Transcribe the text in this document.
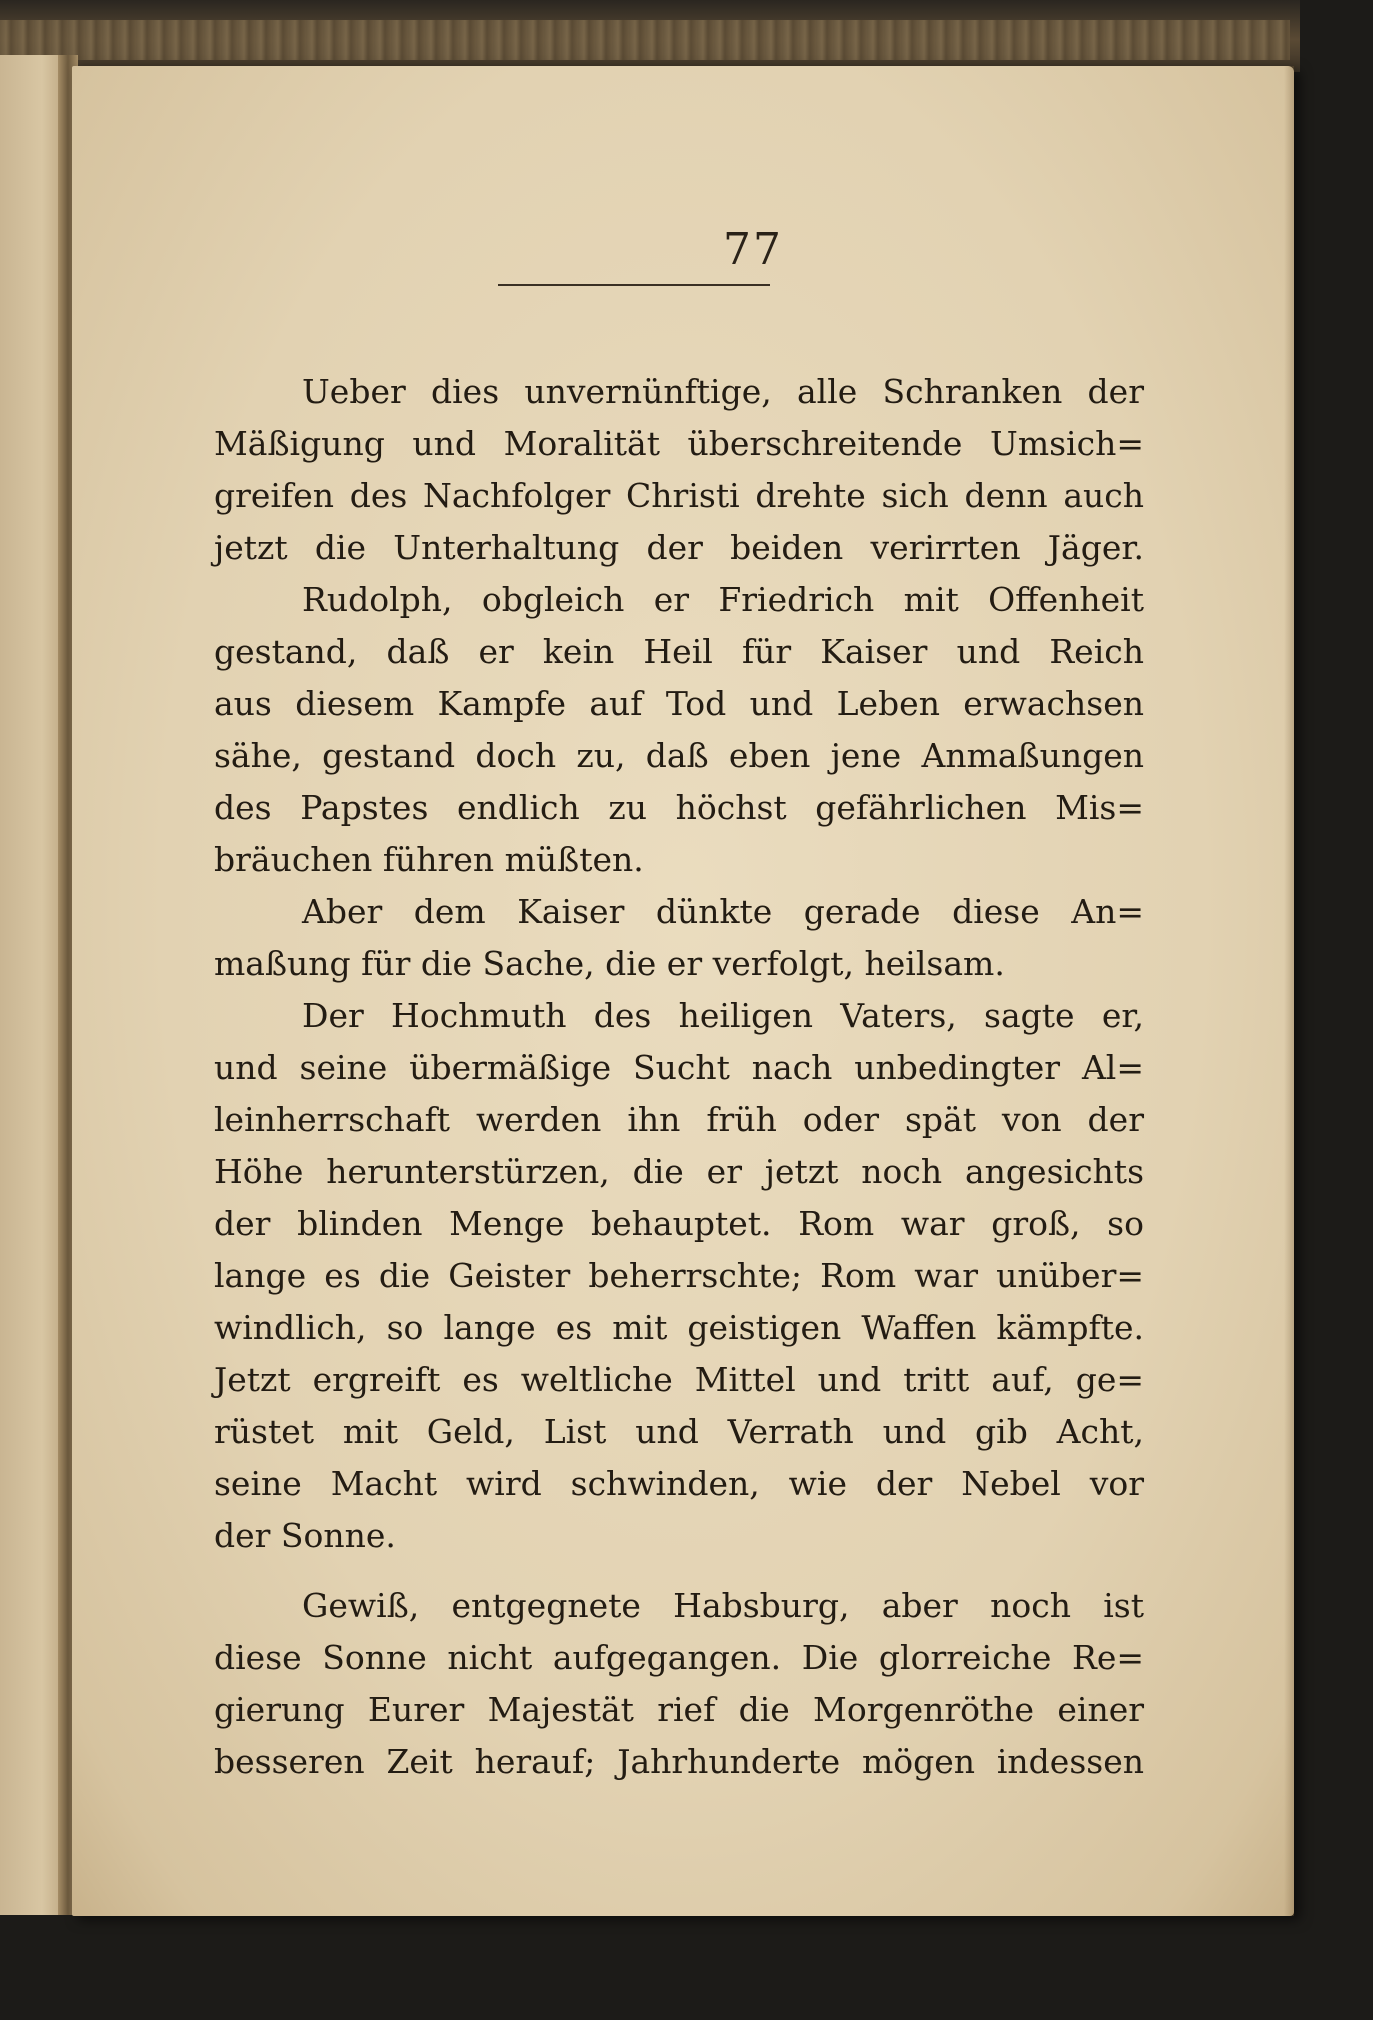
77
Ueber dies unvernünftige, alle Schranken der
Mäßigung und Moralität überschreitende Umsich=
greifen des Nachfolger Christi drehte sich denn auch
jetzt die Unterhaltung der beiden verirrten Jäger.
Rudolph, obgleich er Friedrich mit Offenheit
gestand, daß er kein Heil für Kaiser und Reich
aus diesem Kampfe auf Tod und Leben erwachsen
sähe, gestand doch zu, daß eben jene Anmaßungen
des Papstes endlich zu höchst gefährlichen Mis=
bräuchen führen müßten.
Aber dem Kaiser dünkte gerade diese An=
maßung für die Sache, die er verfolgt, heilsam.
Der Hochmuth des heiligen Vaters, sagte er,
und seine übermäßige Sucht nach unbedingter Al=
leinherrschaft werden ihn früh oder spät von der
Höhe herunterstürzen, die er jetzt noch angesichts
der blinden Menge behauptet. Rom war groß, so
lange es die Geister beherrschte; Rom war unüber=
windlich, so lange es mit geistigen Waffen kämpfte.
Jetzt ergreift es weltliche Mittel und tritt auf, ge=
rüstet mit Geld, List und Verrath und gib Acht,
seine Macht wird schwinden, wie der Nebel vor
der Sonne.
Gewiß, entgegnete Habsburg, aber noch ist
diese Sonne nicht aufgegangen. Die glorreiche Re=
gierung Eurer Majestät rief die Morgenröthe einer
besseren Zeit herauf; Jahrhunderte mögen indessen
